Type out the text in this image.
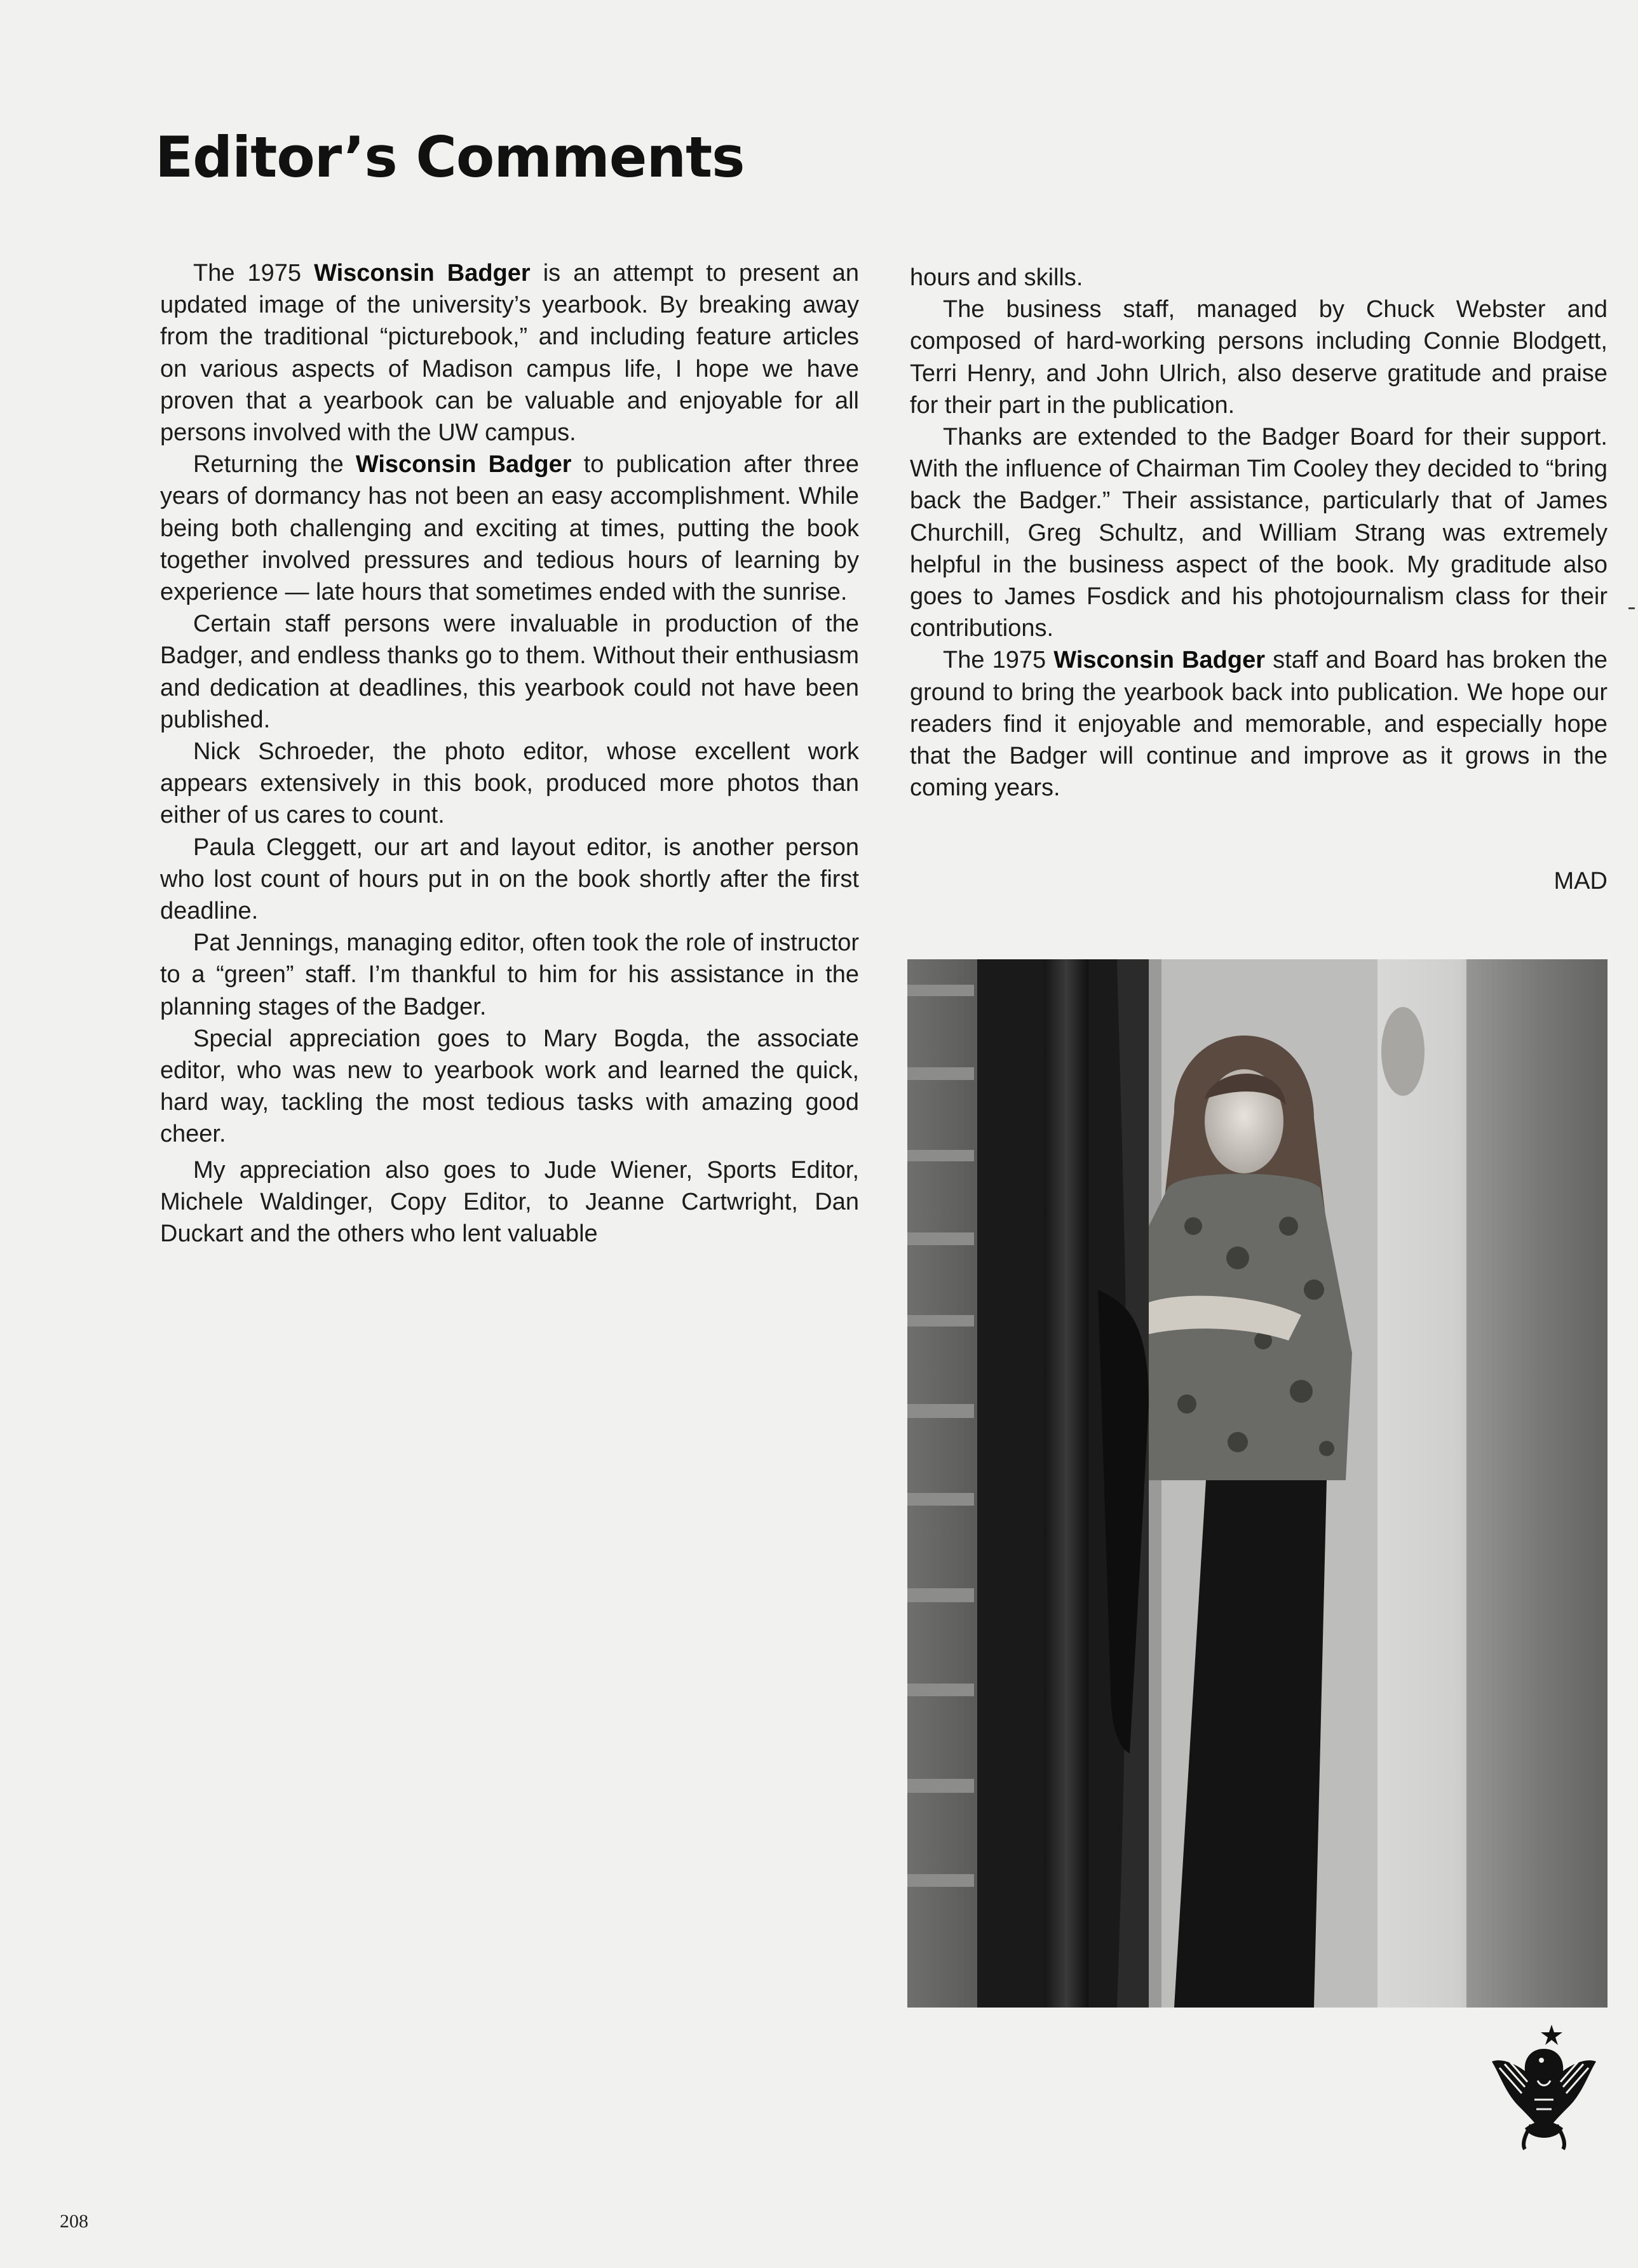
Editor’s Comments

The 1975 Wisconsin Badger is an attempt to present an updated image of the university’s yearbook. By breaking away from the traditional “picturebook,” and including feature articles on various aspects of Madison campus life, I hope we have proven that a yearbook can be valuable and enjoyable for all persons involved with the UW campus.

Returning the Wisconsin Badger to publication after three years of dormancy has not been an easy accomplishment. While being both challenging and exciting at times, putting the book together involved pressures and tedious hours of learning by experience — late hours that sometimes ended with the sunrise.

Certain staff persons were invaluable in production of the Badger, and endless thanks go to them. Without their enthusiasm and dedication at deadlines, this yearbook could not have been published.

Nick Schroeder, the photo editor, whose excellent work appears extensively in this book, produced more photos than either of us cares to count.

Paula Cleggett, our art and layout editor, is another person who lost count of hours put in on the book shortly after the first deadline.

Pat Jennings, managing editor, often took the role of instructor to a “green” staff. I’m thankful to him for his assistance in the planning stages of the Badger.

Special appreciation goes to Mary Bogda, the associate editor, who was new to yearbook work and learned the quick, hard way, tackling the most tedious tasks with amazing good cheer.

My appreciation also goes to Jude Wiener, Sports Editor, Michele Waldinger, Copy Editor, to Jeanne Cartwright, Dan Duckart and the others who lent valuable

hours and skills.

The business staff, managed by Chuck Webster and composed of hard-working persons including Connie Blodgett, Terri Henry, and John Ulrich, also deserve gratitude and praise for their part in the publication.

Thanks are extended to the Badger Board for their support. With the influence of Chairman Tim Cooley they decided to “bring back the Badger.” Their assistance, particularly that of James Churchill, Greg Schultz, and William Strang was extremely helpful in the business aspect of the book. My graditude also goes to James Fosdick and his photojournalism class for their contributions.

The 1975 Wisconsin Badger staff and Board has broken the ground to bring the yearbook back into publication. We hope our readers find it enjoyable and memorable, and especially hope that the Badger will continue and improve as it grows in the coming years.

MAD
208
